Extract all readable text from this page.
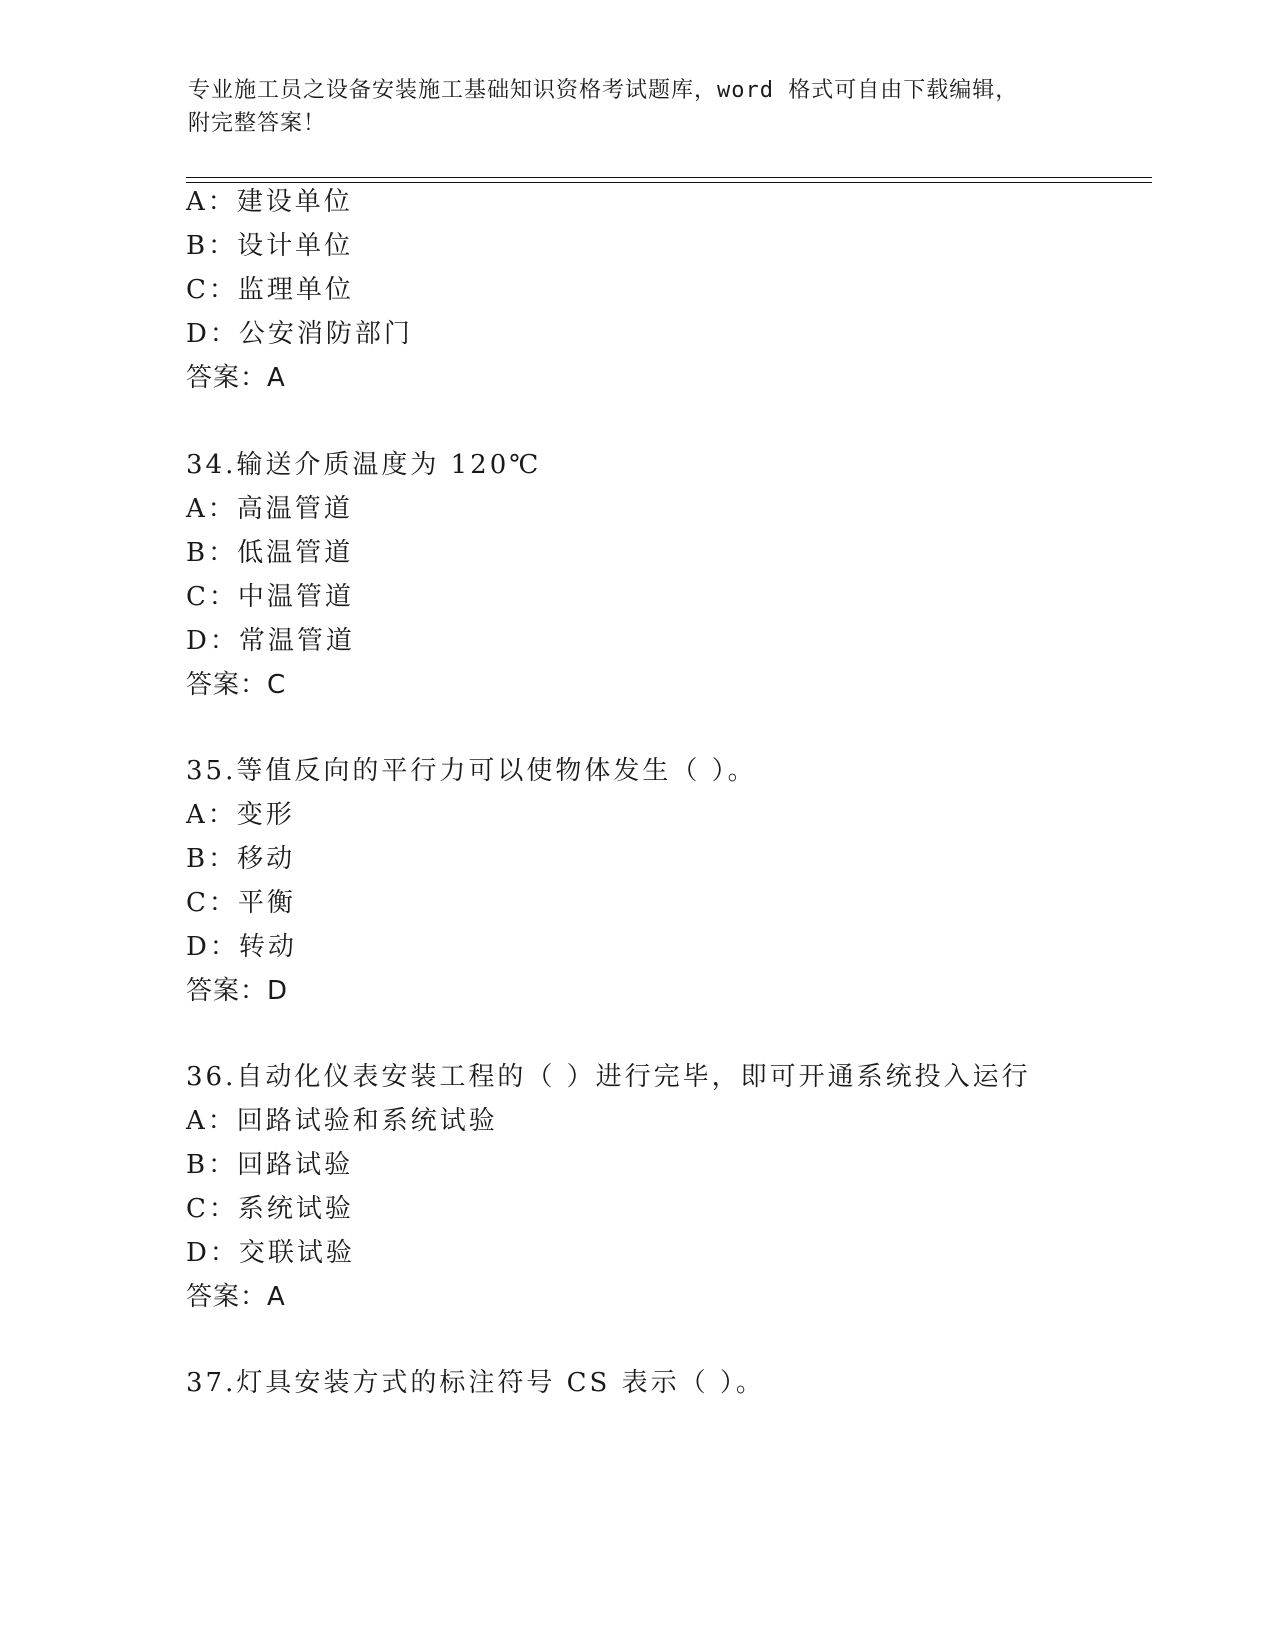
专业施工员之设备安装施工基础知识资格考试题库，word 格式可自由下载编辑，
附完整答案！
A：建设单位
B：设计单位
C：监理单位
D：公安消防部门
答案：A
34.输送介质温度为 120℃
A：高温管道
B：低温管道
C：中温管道
D：常温管道
答案：C
35.等值反向的平行力可以使物体发生（ ）。
A：变形
B：移动
C：平衡
D：转动
答案：D
36.自动化仪表安装工程的（ ）进行完毕，即可开通系统投入运行
A：回路试验和系统试验
B：回路试验
C：系统试验
D：交联试验
答案：A
37.灯具安装方式的标注符号 CS 表示（ ）。
